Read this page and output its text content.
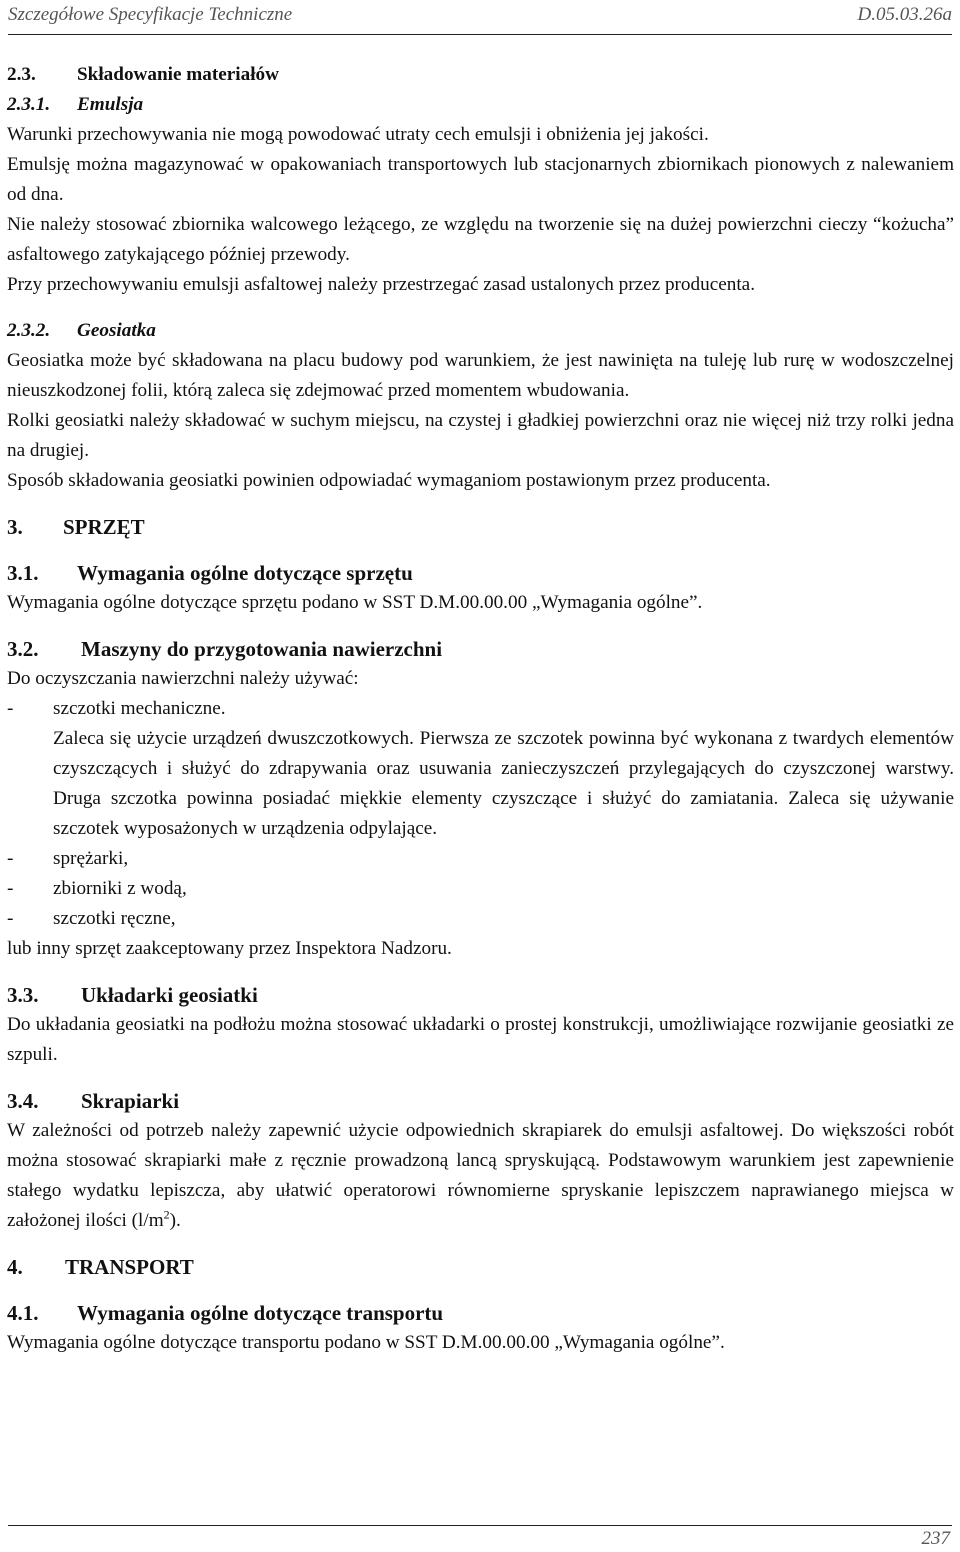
Szczegółowe Specyfikacje Techniczne	D.05.03.26a

2.3. Składowanie materiałów

2.3.1. Emulsja

Warunki przechowywania nie mogą powodować utraty cech emulsji i obniżenia jej jakości.

Emulsję można magazynować w opakowaniach transportowych lub stacjonarnych zbiornikach pionowych z nalewaniem od dna.

Nie należy stosować zbiornika walcowego leżącego, ze względu na tworzenie się na dużej powierzchni cieczy “kożucha” asfaltowego zatykającego później przewody.

Przy przechowywaniu emulsji asfaltowej należy przestrzegać zasad ustalonych przez producenta.

2.3.2. Geosiatka

Geosiatka może być składowana na placu budowy pod warunkiem, że jest nawinięta na tuleję lub rurę w wodoszczelnej nieuszkodzonej folii, którą zaleca się zdejmować przed momentem wbudowania.

Rolki geosiatki należy składować w suchym miejscu, na czystej i gładkiej powierzchni oraz nie więcej niż trzy rolki jedna na drugiej.

Sposób składowania geosiatki powinien odpowiadać wymaganiom postawionym przez producenta.

3. SPRZĘT

3.1. Wymagania ogólne dotyczące sprzętu

Wymagania ogólne dotyczące sprzętu podano w SST D.M.00.00.00 „Wymagania ogólne”.

3.2. Maszyny do przygotowania nawierzchni

Do oczyszczania nawierzchni należy używać:

- szczotki mechaniczne.

Zaleca się użycie urządzeń dwuszczotkowych. Pierwsza ze szczotek powinna być wykonana z twardych elementów czyszczących i służyć do zdrapywania oraz usuwania zanieczyszczeń przylegających do czyszczonej warstwy. Druga szczotka powinna posiadać miękkie elementy czyszczące i służyć do zamiatania. Zaleca się używanie szczotek wyposażonych w urządzenia odpylające.

- sprężarki,

- zbiorniki z wodą,

- szczotki ręczne,

lub inny sprzęt zaakceptowany przez Inspektora Nadzoru.

3.3. Układarki geosiatki

Do układania geosiatki na podłożu można stosować układarki o prostej konstrukcji, umożliwiające rozwijanie geosiatki ze szpuli.

3.4. Skrapiarki

W zależności od potrzeb należy zapewnić użycie odpowiednich skrapiarek do emulsji asfaltowej. Do większości robót można stosować skrapiarki małe z ręcznie prowadzoną lancą spryskującą. Podstawowym warunkiem jest zapewnienie stałego wydatku lepiszcza, aby ułatwić operatorowi równomierne spryskanie lepiszczem naprawianego miejsca w założonej ilości $(l/m^2)$.

4. TRANSPORT

4.1. Wymagania ogólne dotyczące transportu

Wymagania ogólne dotyczące transportu podano w SST D.M.00.00.00 „Wymagania ogólne”.

237
